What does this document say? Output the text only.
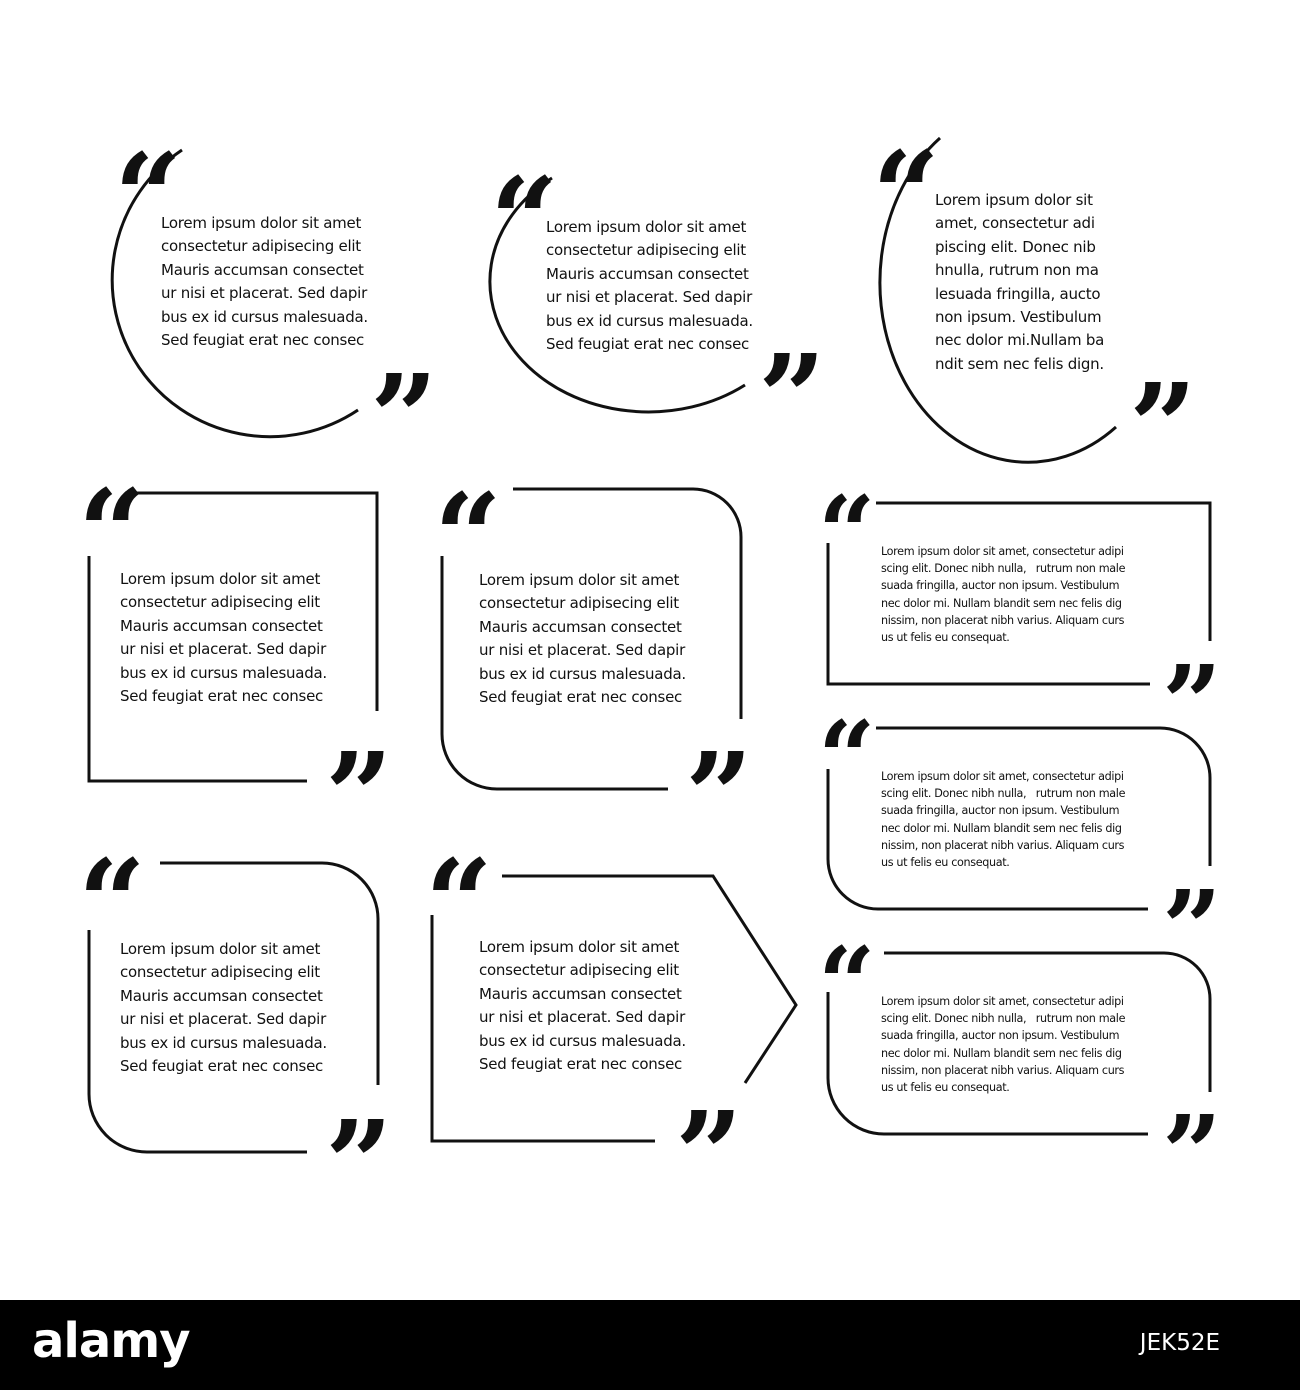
Lorem ipsum dolor sit amet
consectetur adipisecing elit
Mauris accumsan consectet
ur nisi et placerat. Sed dapir
bus ex id cursus malesuada.
Sed feugiat erat nec consec
Lorem ipsum dolor sit amet
consectetur adipisecing elit
Mauris accumsan consectet
ur nisi et placerat. Sed dapir
bus ex id cursus malesuada.
Sed feugiat erat nec consec
Lorem ipsum dolor sit
amet, consectetur adi
piscing elit. Donec nib
hnulla, rutrum non ma
lesuada fringilla, aucto
non ipsum. Vestibulum
nec dolor mi.Nullam ba
ndit sem nec felis dign.
Lorem ipsum dolor sit amet
consectetur adipisecing elit
Mauris accumsan consectet
ur nisi et placerat. Sed dapir
bus ex id cursus malesuada.
Sed feugiat erat nec consec
Lorem ipsum dolor sit amet
consectetur adipisecing elit
Mauris accumsan consectet
ur nisi et placerat. Sed dapir
bus ex id cursus malesuada.
Sed feugiat erat nec consec
Lorem ipsum dolor sit amet, consectetur adipi
scing elit. Donec nibh nulla,   rutrum non male
suada fringilla, auctor non ipsum. Vestibulum
nec dolor mi. Nullam blandit sem nec felis dig
nissim, non placerat nibh varius. Aliquam curs
us ut felis eu consequat.
Lorem ipsum dolor sit amet, consectetur adipi
scing elit. Donec nibh nulla,   rutrum non male
suada fringilla, auctor non ipsum. Vestibulum
nec dolor mi. Nullam blandit sem nec felis dig
nissim, non placerat nibh varius. Aliquam curs
us ut felis eu consequat.
Lorem ipsum dolor sit amet
consectetur adipisecing elit
Mauris accumsan consectet
ur nisi et placerat. Sed dapir
bus ex id cursus malesuada.
Sed feugiat erat nec consec
Lorem ipsum dolor sit amet
consectetur adipisecing elit
Mauris accumsan consectet
ur nisi et placerat. Sed dapir
bus ex id cursus malesuada.
Sed feugiat erat nec consec
Lorem ipsum dolor sit amet, consectetur adipi
scing elit. Donec nibh nulla,   rutrum non male
suada fringilla, auctor non ipsum. Vestibulum
nec dolor mi. Nullam blandit sem nec felis dig
nissim, non placerat nibh varius. Aliquam curs
us ut felis eu consequat.
“	“	“
“ “	“
“
“ “
“
”	”	”
” ”
”
”
” ”	”
alamy	JEK52E
